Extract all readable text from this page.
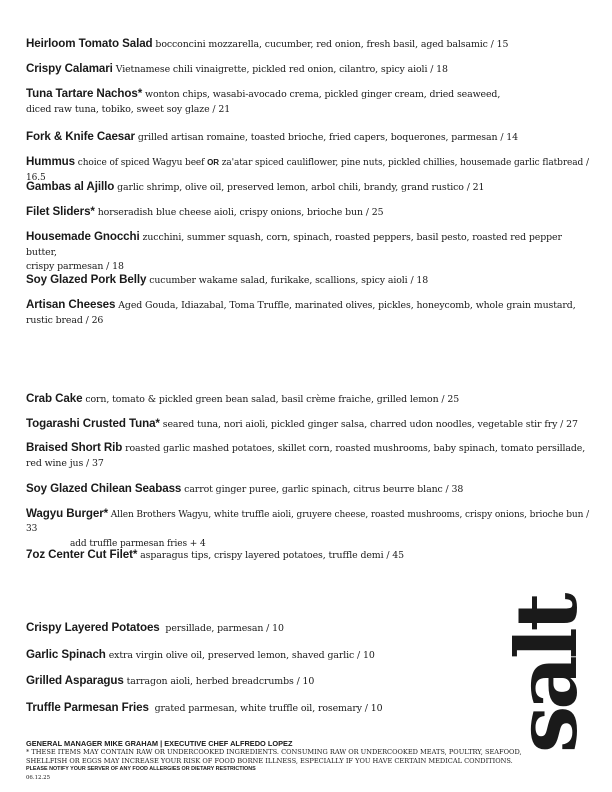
Heirloom Tomato Salad bocconcini mozzarella, cucumber, red onion, fresh basil, aged balsamic / 15
Crispy Calamari Vietnamese chili vinaigrette, pickled red onion, cilantro, spicy aioli / 18
Tuna Tartare Nachos* wonton chips, wasabi-avocado crema, pickled ginger cream, dried seaweed,
diced raw tuna, tobiko, sweet soy glaze / 21
Fork & Knife Caesar grilled artisan romaine, toasted brioche, fried capers, boquerones, parmesan / 14
Hummus choice of spiced Wagyu beef OR za'atar spiced cauliflower, pine nuts, pickled chillies, housemade garlic flatbread / 16.5
Gambas al Ajillo garlic shrimp, olive oil, preserved lemon, arbol chili, brandy, grand rustico / 21
Filet Sliders* horseradish blue cheese aioli, crispy onions, brioche bun / 25
Housemade Gnocchi zucchini, summer squash, corn, spinach, roasted peppers, basil pesto, roasted red pepper butter,
crispy parmesan / 18
Soy Glazed Pork Belly cucumber wakame salad, furikake, scallions, spicy aioli / 18
Artisan Cheeses Aged Gouda, Idiazabal, Toma Truffle, marinated olives, pickles, honeycomb, whole grain mustard,
rustic bread / 26
Crab Cake corn, tomato & pickled green bean salad, basil crème fraiche, grilled lemon / 25
Togarashi Crusted Tuna* seared tuna, nori aioli, pickled ginger salsa, charred udon noodles, vegetable stir fry / 27
Braised Short Rib roasted garlic mashed potatoes, skillet corn, roasted mushrooms, baby spinach, tomato persillade,
red wine jus / 37
Soy Glazed Chilean Seabass carrot ginger puree, garlic spinach, citrus beurre blanc / 38
Wagyu Burger* Allen Brothers Wagyu, white truffle aioli, gruyere cheese, roasted mushrooms, crispy onions, brioche bun / 33
add truffle parmesan fries + 4
7oz Center Cut Filet* asparagus tips, crispy layered potatoes, truffle demi / 45
Crispy Layered Potatoes persillade, parmesan / 10
Garlic Spinach extra virgin olive oil, preserved lemon, shaved garlic / 10
Grilled Asparagus tarragon aioli, herbed breadcrumbs / 10
Truffle Parmesan Fries grated parmesan, white truffle oil, rosemary / 10	salt
GENERAL MANAGER MIKE GRAHAM | EXECUTIVE CHEF ALFREDO LOPEZ
* THESE ITEMS MAY CONTAIN RAW OR UNDERCOOKED INGREDIENTS. CONSUMING RAW OR UNDERCOOKED MEATS, POULTRY, SEAFOOD, SHELLFISH OR EGGS MAY INCREASE YOUR RISK OF FOOD BORNE ILLNESS, ESPECIALLY IF YOU HAVE CERTAIN MEDICAL CONDITIONS.
PLEASE NOTIFY YOUR SERVER OF ANY FOOD ALLERGIES OR DIETARY RESTRICTIONS
06.12.25
